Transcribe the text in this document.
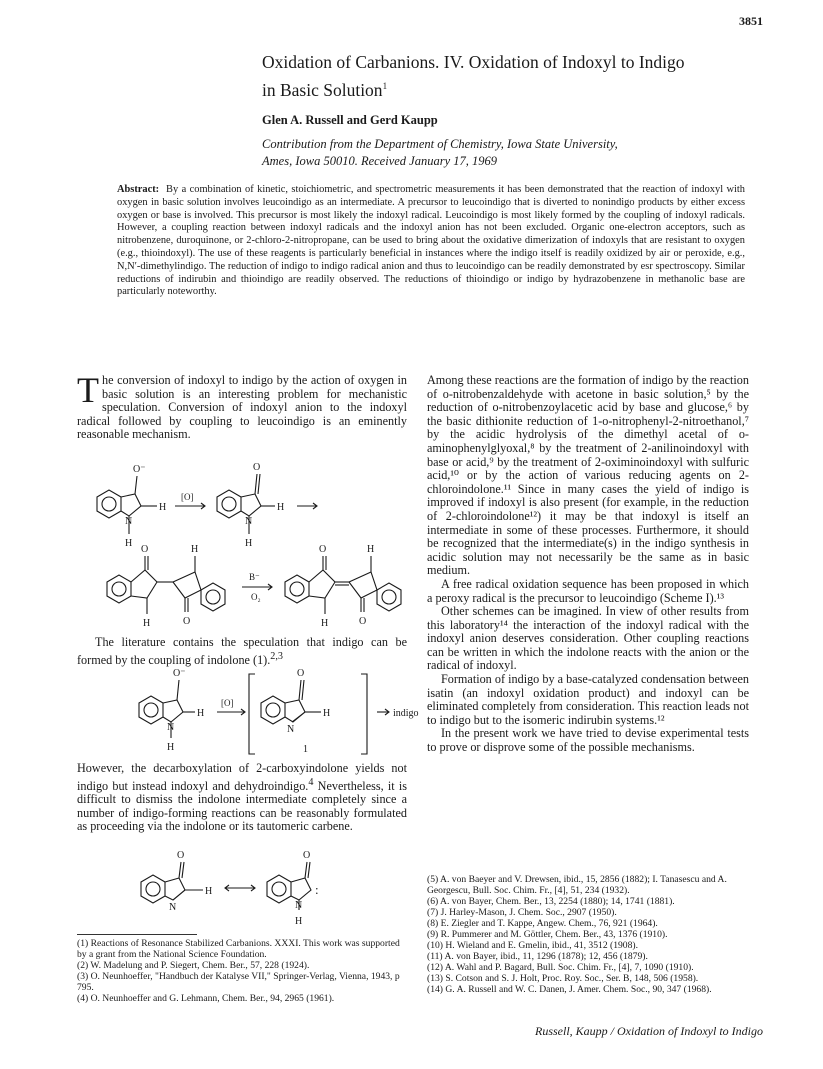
3851
Oxidation of Carbanions. IV. Oxidation of Indoxyl to Indigo
in Basic Solution$^1$
Glen A. Russell and Gerd Kaupp
Contribution from the Department of Chemistry, Iowa State University,
Ames, Iowa 50010. Received January 17, 1969
Abstract: By a combination of kinetic, stoichiometric, and spectrometric measurements it has been demonstrated that the reaction of indoxyl with oxygen in basic solution involves leucoindigo as an intermediate. A precursor to leucoindigo that is diverted to nonindigo products by either excess oxygen or base is involved. This precursor is most likely the indoxyl radical. Leucoindigo is most likely formed by the coupling of indoxyl radicals. However, a coupling reaction between indoxyl radicals and the indoxyl anion has not been excluded. Organic one-electron acceptors, such as nitrobenzene, duroquinone, or 2-chloro-2-nitropropane, can be used to bring about the oxidative dimerization of indoxyls that are resistant to oxygen (e.g., thioindoxyl). The use of these reagents is particularly beneficial in instances where the indigo itself is readily oxidized by air or peroxide, e.g., N,N′-dimethylindigo. The reduction of indigo to indigo radical anion and thus to leucoindigo can be readily demonstrated by esr spectroscopy. Similar reductions of indirubin and thioindigo are readily observed. The reductions of thioindigo or indigo by hydrazobenzene in methanolic base are particularly noteworthy.
T he conversion of indoxyl to indigo by the action of oxygen in basic solution is an interesting problem for mechanistic speculation. Conversion of indoxyl anion to the indoxyl radical followed by coupling to leucoindigo is an eminently reasonable mechanism.

O⁻
H
N
H
[O]
O
H
N
H
O	H
H	O
B⁻
O₂
O	H
H	O

The literature contains the speculation that indigo can be formed by the coupling of indolone (1).$^{2,3}$

O⁻
H
N
H
[O]
O
H
N
1
indigo

However, the decarboxylation of 2-carboxyindolone yields not indigo but instead indoxyl and dehydroindigo.$^4$ Nevertheless, it is difficult to dismiss the indolone intermediate completely since a number of indigo-forming reactions can be reasonably formulated as proceeding via the indolone or its tautomeric carbene.

O
H
N
O
:
N
H
(1) Reactions of Resonance Stabilized Carbanions. XXXI. This work was supported by a grant from the National Science Foundation.
(2) W. Madelung and P. Siegert, Chem. Ber., 57, 228 (1924).
(3) O. Neunhoeffer, "Handbuch der Katalyse VII," Springer-Verlag, Vienna, 1943, p 795.
(4) O. Neunhoeffer and G. Lehmann, Chem. Ber., 94, 2965 (1961).

Among these reactions are the formation of indigo by the reaction of o-nitrobenzaldehyde with acetone in basic solution,⁵ by the reduction of o-nitrobenzoylacetic acid by base and glucose,⁶ by the basic dithionite reduction of 1-o-nitrophenyl-2-nitroethanol,⁷ by the acidic hydrolysis of the dimethyl acetal of o-aminophenylglyoxal,⁸ by the treatment of 2-anilinoindoxyl with base or acid,⁹ by the treatment of 2-oximinoindoxyl with sulfuric acid,¹⁰ or by the action of various reducing agents on 2-chloroindolone.¹¹ Since in many cases the yield of indigo is improved if indoxyl is also present (for example, in the reduction of 2-chloroindolone¹²) it may be that indoxyl is itself an intermediate in some of these processes. Furthermore, it should be recognized that the intermediate(s) in the indigo synthesis in acidic solution may not necessarily be the same as in basic medium.

A free radical oxidation sequence has been proposed in which a peroxy radical is the precursor to leucoindigo (Scheme I).¹³

Other schemes can be imagined. In view of other results from this laboratory¹⁴ the interaction of the indoxyl radical with the indoxyl anion deserves consideration. Other coupling reactions can be written in which the indolone reacts with the anion or the radical of indoxyl.

Formation of indigo by a base-catalyzed condensation between isatin (an indoxyl oxidation product) and indoxyl can be eliminated completely from consideration. This reaction leads not to indigo but to the isomeric indirubin systems.¹²

In the present work we have tried to devise experimental tests to prove or disprove some of the possible mechanisms.

(5) A. von Baeyer and V. Drewsen, ibid., 15, 2856 (1882); I. Tanasescu and A. Georgescu, Bull. Soc. Chim. Fr., [4], 51, 234 (1932).
(6) A. von Bayer, Chem. Ber., 13, 2254 (1880); 14, 1741 (1881).
(7) J. Harley-Mason, J. Chem. Soc., 2907 (1950).
(8) E. Ziegler and T. Kappe, Angew. Chem., 76, 921 (1964).
(9) R. Pummerer and M. Göttler, Chem. Ber., 43, 1376 (1910).
(10) H. Wieland and E. Gmelin, ibid., 41, 3512 (1908).
(11) A. von Bayer, ibid., 11, 1296 (1878); 12, 456 (1879).
(12) A. Wahl and P. Bagard, Bull. Soc. Chim. Fr., [4], 7, 1090 (1910).
(13) S. Cotson and S. J. Holt, Proc. Roy. Soc., Ser. B, 148, 506 (1958).
(14) G. A. Russell and W. C. Danen, J. Amer. Chem. Soc., 90, 347 (1968).
Russell, Kaupp / Oxidation of Indoxyl to Indigo
